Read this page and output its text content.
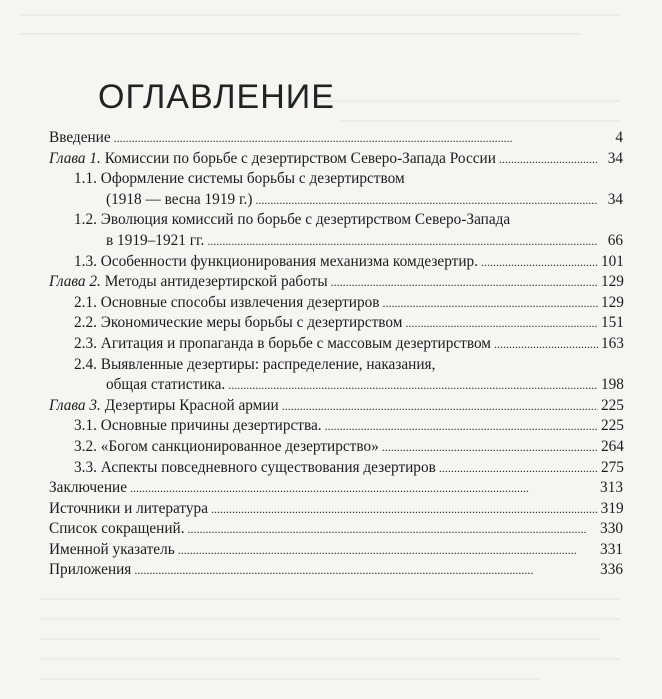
ОГЛАВЛЕНИЕ
Введение . . .	4
Глава 1. Комиссии по борьбе с дезертирством Северо-Запада России . . .	34
1.1. Оформление системы борьбы с дезертирством
(1918 — весна 1919 г.) . . .	34
1.2. Эволюция комиссий по борьбе с дезертирством Северо-Запада
в 1919–1921 гг. . . .	66
1.3. Особенности функционирования механизма комдезертир. . . .	101
Глава 2. Методы антидезертирской работы . . .	129
2.1. Основные способы извлечения дезертиров . . .	129
2.2. Экономические меры борьбы с дезертирством . . .	151
2.3. Агитация и пропаганда в борьбе с массовым дезертирством . . .	163
2.4. Выявленные дезертиры: распределение, наказания,
общая статистика. . . .	198
Глава 3. Дезертиры Красной армии . . .	225
3.1. Основные причины дезертирства. . . .	225
3.2. «Богом санкционированное дезертирство» . . .	264
3.3. Аспекты повседневного существования дезертиров . . .	275
Заключение . . .	313
Источники и литература . . .	319
Список сокращений. . . .	330
Именной указатель . . .	331
Приложения . . .	336
